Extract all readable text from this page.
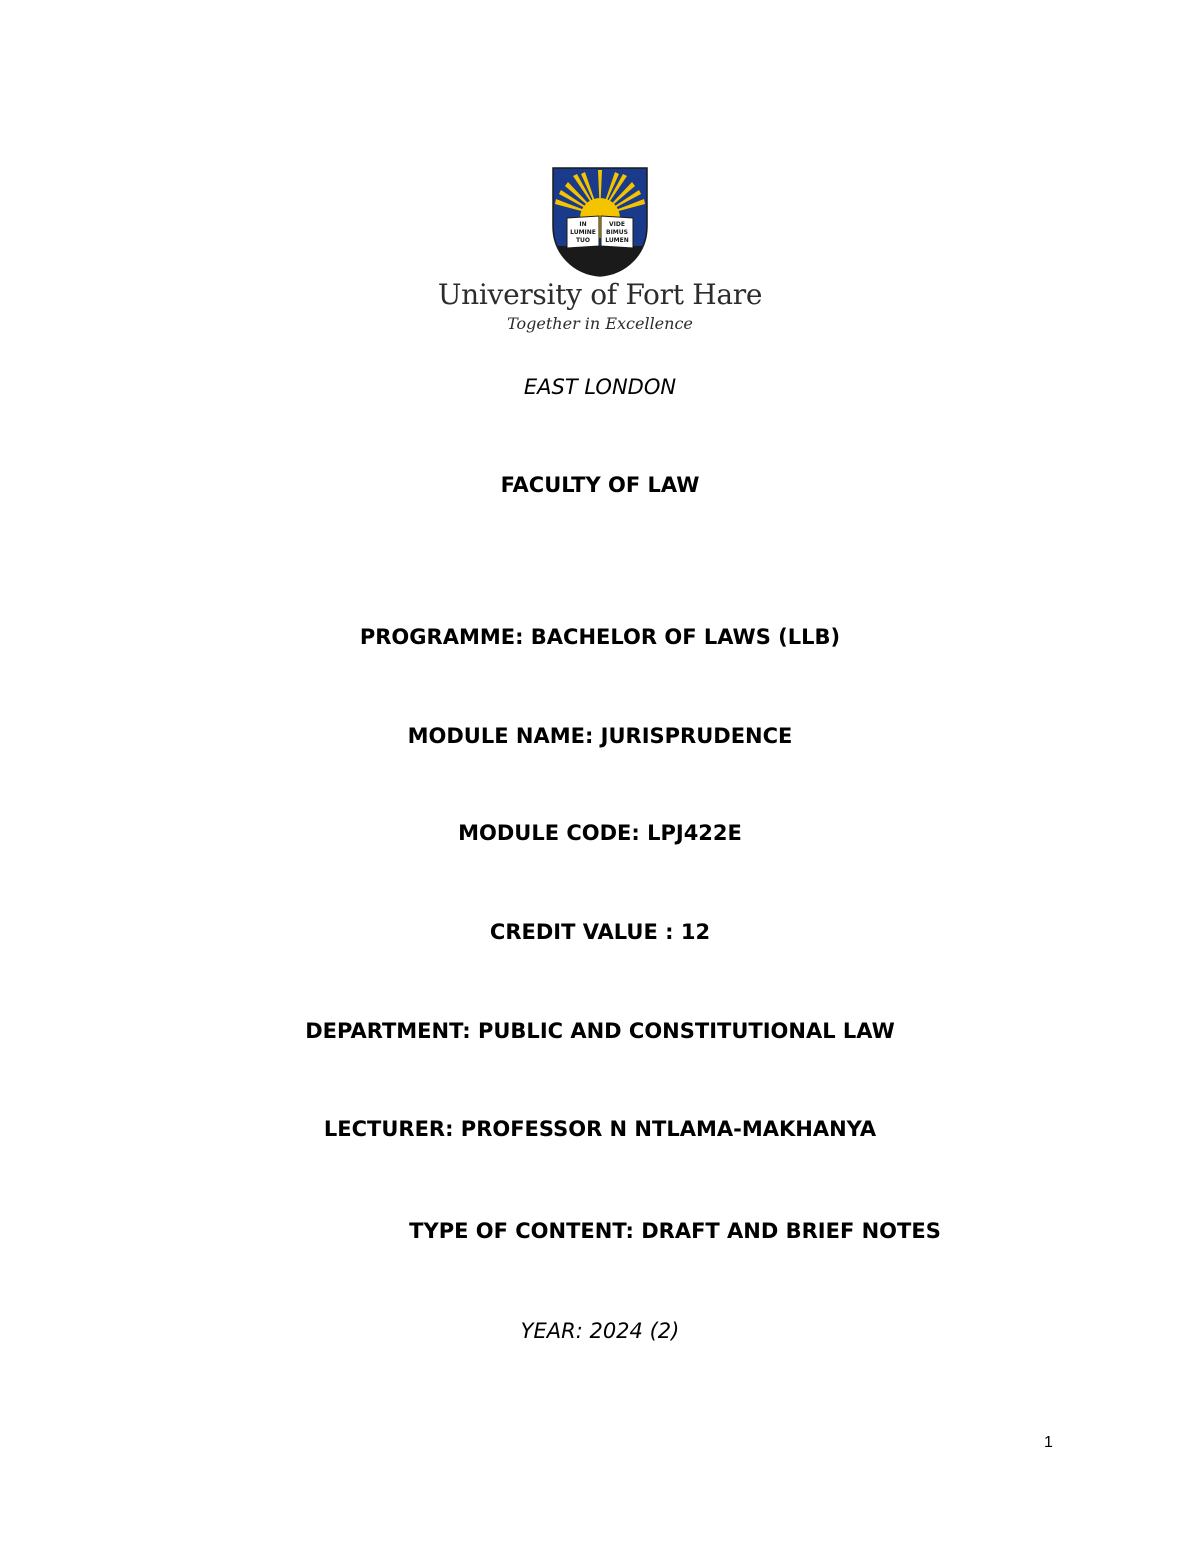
IN
LUMINE
TUO
VIDE
BIMUS
LUMEN
University of Fort Hare
Together in Excellence
EAST LONDON
FACULTY OF LAW
PROGRAMME: BACHELOR OF LAWS (LLB)
MODULE NAME: JURISPRUDENCE
MODULE CODE: LPJ422E
CREDIT VALUE : 12
DEPARTMENT: PUBLIC AND CONSTITUTIONAL LAW
LECTURER: PROFESSOR N NTLAMA-MAKHANYA
TYPE OF CONTENT: DRAFT AND BRIEF NOTES
YEAR: 2024 (2)
1
